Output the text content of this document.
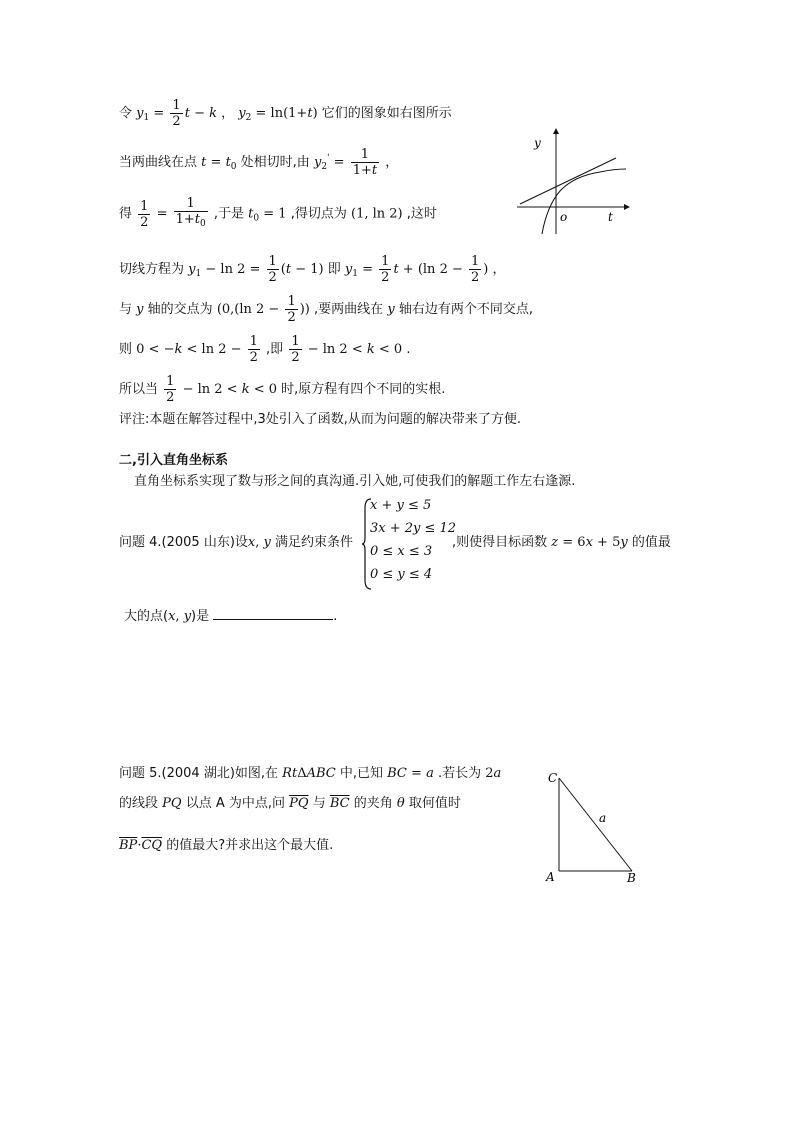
令 $y_1 = \frac{1}{2}$ t − k ， $y_2 = \ln(1+t)$ 它们的图象如右图所示
当两曲线在点 $t = t_0$ 处相切时,由 $y_2' = \frac{1}{1+t}$ ，
得 $\frac{1}{2} = \frac{1}{1+t_0}$ ,于是 $t_0 = 1$ ,得切点为 (1, ln 2) ,这时
切线方程为 $y_1 - \ln 2 = \frac{1}{2} (t - 1)$ 即 $y_1 = \frac{1}{2}$ t + (ln $2 - \frac{1}{2}$ ) ，
与 y 轴的交点为 (0,(ln $2 - \frac{1}{2}$ )) ,要两曲线在 y 轴右边有两个不同交点,
则 $0 < -k < \ln 2 - \frac{1}{2}$ ,即 $\frac{1}{2} - \ln 2 < k < 0$ .
所以当 $\frac{1}{2} - \ln 2 < k < 0$ 时,原方程有四个不同的实根.
评注:本题在解答过程中,3处引入了函数,从而为问题的解决带来了方便.
二,引入直角坐标系
直角坐标系实现了数与形之间的真沟通.引入她,可使我们的解题工作左右逢源.
问题 4.(2005 山东)设x, y 满足约束条件
x + y ≤ 5
3x + 2y ≤ 12
0 ≤ x ≤ 3
0 ≤ y ≤ 4
,则使得目标函数 z = 6x + 5y 的值最
大的点(x, y)是	.
问题 5.(2004 湖北)如图,在 RtΔABC 中,已知 BC = a .若长为 2a
的线段 PQ 以点 A 为中点,问 $\overline{PQ}$ 与 $\overline{BC}$ 的夹角 θ 取何值时
$\overline{BP}\cdot\overline{CQ}$ 的值最大?并求出这个最大值.
y
o	t
C
a
A	B
